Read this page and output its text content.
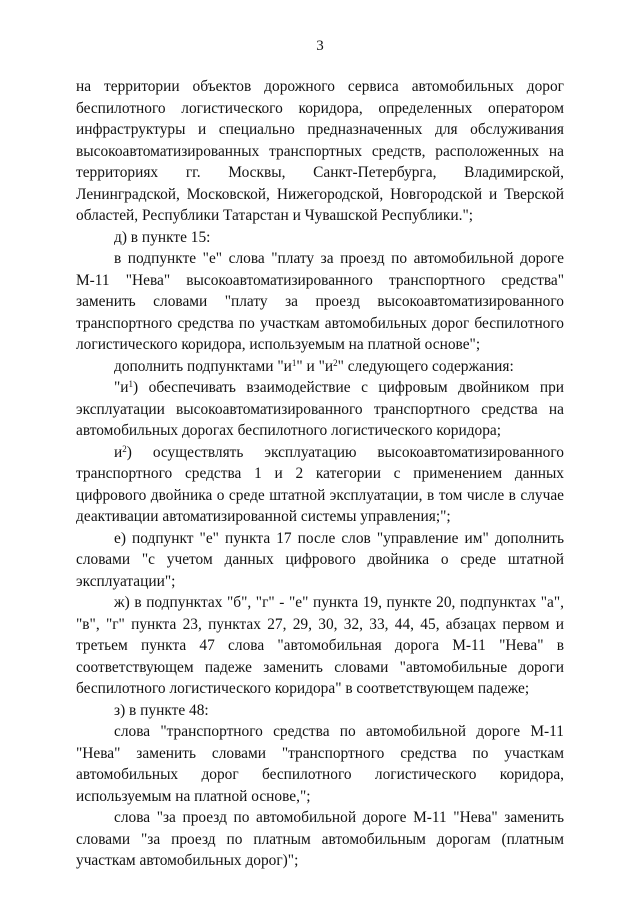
3

на территории объектов дорожного сервиса автомобильных дорог беспилотного логистического коридора, определенных оператором инфраструктуры и специально предназначенных для обслуживания высокоавтоматизированных транспортных средств, расположенных на территориях гг. Москвы, Санкт-Петербурга, Владимирской, Ленинградской, Московской, Нижегородской, Новгородской и Тверской областей, Республики Татарстан и Чувашской Республики.";

д) в пункте 15:

в подпункте "е" слова "плату за проезд по автомобильной дороге М-11 "Нева" высокоавтоматизированного транспортного средства" заменить словами "плату за проезд высокоавтоматизированного транспортного средства по участкам автомобильных дорог беспилотного логистического коридора, используемым на платной основе";

дополнить подпунктами "$и^1$" и "$и^2$" следующего содержания:

"$и^1$) обеспечивать взаимодействие с цифровым двойником при эксплуатации высокоавтоматизированного транспортного средства на автомобильных дорогах беспилотного логистического коридора;

$и^2$) осуществлять эксплуатацию высокоавтоматизированного транспортного средства 1 и 2 категории с применением данных цифрового двойника о среде штатной эксплуатации, в том числе в случае деактивации автоматизированной системы управления;";

е) подпункт "е" пункта 17 после слов "управление им" дополнить словами "с учетом данных цифрового двойника о среде штатной эксплуатации";

ж) в подпунктах "б", "г" - "е" пункта 19, пункте 20, подпунктах "а", "в", "г" пункта 23, пунктах 27, 29, 30, 32, 33, 44, 45, абзацах первом и третьем пункта 47 слова "автомобильная дорога М-11 "Нева" в соответствующем падеже заменить словами "автомобильные дороги беспилотного логистического коридора" в соответствующем падеже;

з) в пункте 48:

слова "транспортного средства по автомобильной дороге М-11 "Нева" заменить словами "транспортного средства по участкам автомобильных дорог беспилотного логистического коридора, используемым на платной основе,";

слова "за проезд по автомобильной дороге М-11 "Нева" заменить словами "за проезд по платным автомобильным дорогам (платным участкам автомобильных дорог)";
